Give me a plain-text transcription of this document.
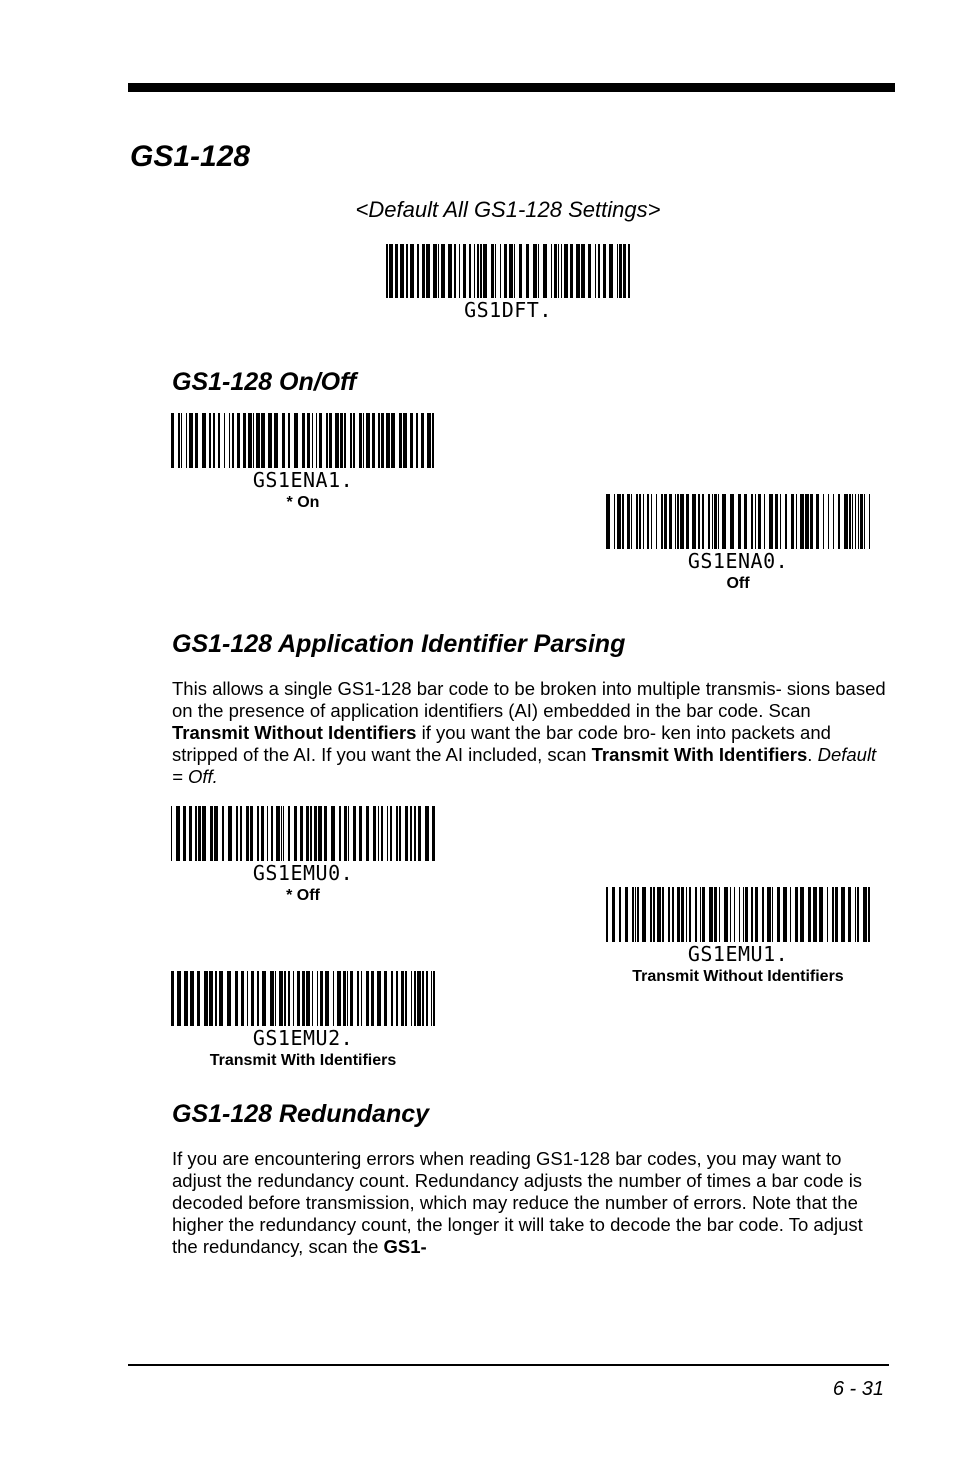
GS1-128
<Default All GS1-128 Settings>
GS1DFT.
GS1-128 On/Off
GS1ENA1.
* On
GS1ENA0.
Off
GS1-128 Application Identifier Parsing

This allows a single GS1-128 bar code to be broken into multiple transmis- sions based on the presence of application identifiers (AI) embedded in the bar code. Scan Transmit Without Identifiers if you want the bar code bro- ken into packets and stripped of the AI. If you want the AI included, scan Transmit With Identifiers. Default = Off.

GS1EMU0.
* Off
GS1EMU1.
Transmit Without Identifiers
GS1EMU2.
Transmit With Identifiers
GS1-128 Redundancy

If you are encountering errors when reading GS1-128 bar codes, you may want to adjust the redundancy count. Redundancy adjusts the number of times a bar code is decoded before transmission, which may reduce the number of errors. Note that the higher the redundancy count, the longer it will take to decode the bar code. To adjust the redundancy, scan the GS1-

6 - 31
